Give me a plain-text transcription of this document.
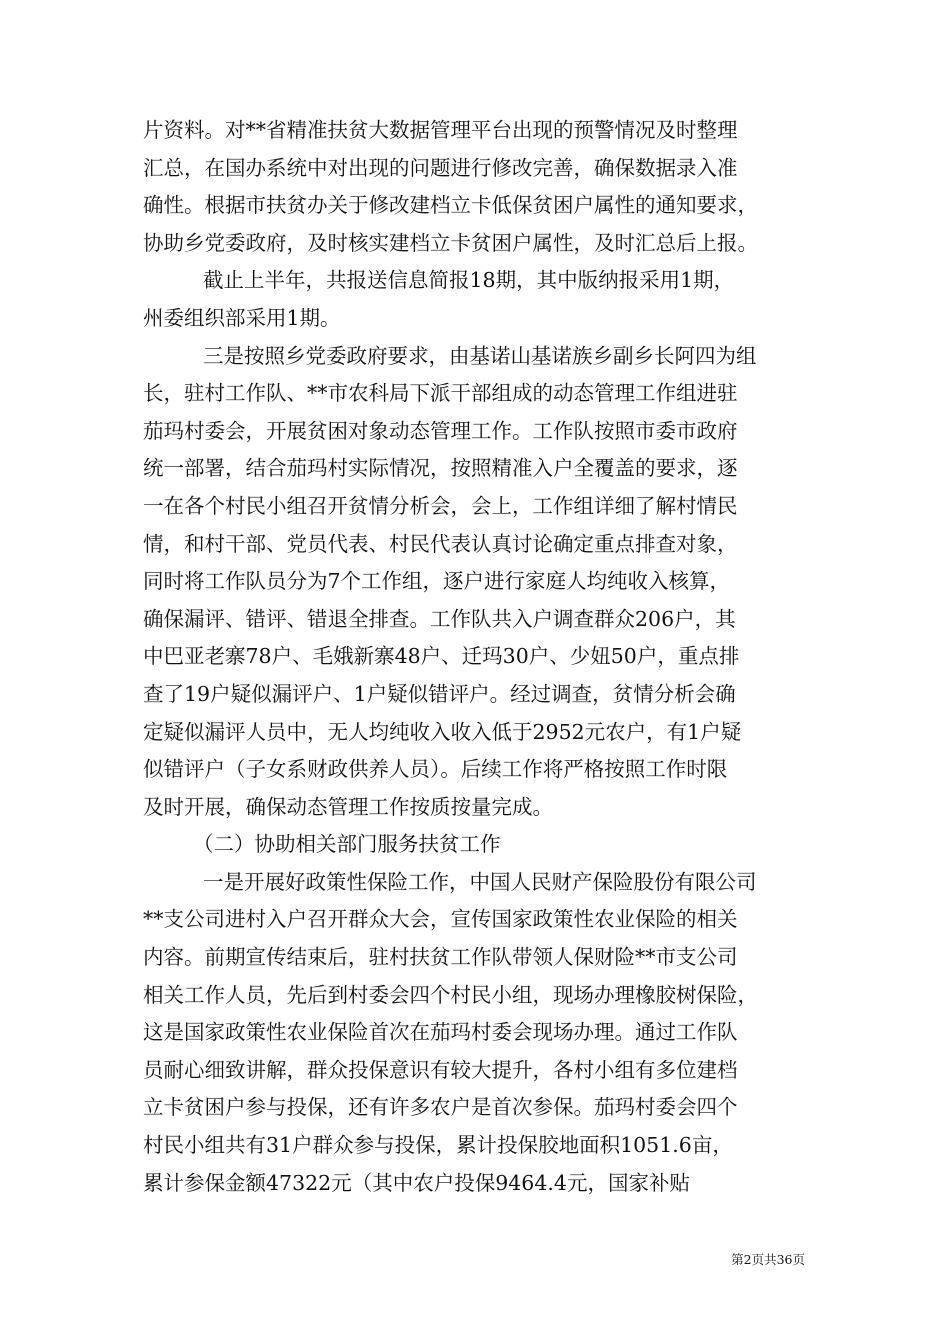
片资料。对**省精准扶贫大数据管理平台出现的预警情况及时整理
汇总，在国办系统中对出现的问题进行修改完善，确保数据录入准
确性。根据市扶贫办关于修改建档立卡低保贫困户属性的通知要求，
协助乡党委政府，及时核实建档立卡贫困户属性，及时汇总后上报。
截止上半年，共报送信息简报18期，其中版纳报采用1期，
州委组织部采用1期。
三是按照乡党委政府要求，由基诺山基诺族乡副乡长阿四为组
长，驻村工作队、**市农科局下派干部组成的动态管理工作组进驻
茄玛村委会，开展贫困对象动态管理工作。工作队按照市委市政府
统一部署，结合茄玛村实际情况，按照精准入户全覆盖的要求，逐
一在各个村民小组召开贫情分析会，会上，工作组详细了解村情民
情，和村干部、党员代表、村民代表认真讨论确定重点排查对象，
同时将工作队员分为7个工作组，逐户进行家庭人均纯收入核算，
确保漏评、错评、错退全排查。工作队共入户调查群众206户，其
中巴亚老寨78户、毛娥新寨48户、迁玛30户、少妞50户，重点排
查了19户疑似漏评户、1户疑似错评户。经过调查，贫情分析会确
定疑似漏评人员中，无人均纯收入收入低于2952元农户，有1户疑
似错评户（子女系财政供养人员）。后续工作将严格按照工作时限
及时开展，确保动态管理工作按质按量完成。
（二）协助相关部门服务扶贫工作
一是开展好政策性保险工作，中国人民财产保险股份有限公司
**支公司进村入户召开群众大会，宣传国家政策性农业保险的相关
内容。前期宣传结束后，驻村扶贫工作队带领人保财险**市支公司
相关工作人员，先后到村委会四个村民小组，现场办理橡胶树保险，
这是国家政策性农业保险首次在茄玛村委会现场办理。通过工作队
员耐心细致讲解，群众投保意识有较大提升，各村小组有多位建档
立卡贫困户参与投保，还有许多农户是首次参保。茄玛村委会四个
村民小组共有31户群众参与投保，累计投保胶地面积1051.6亩，
累计参保金额47322元（其中农户投保9464.4元，国家补贴
第2页共36页
